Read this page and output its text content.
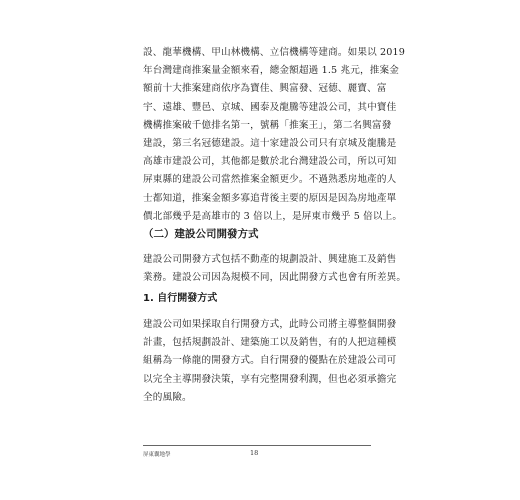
設、龍華機構、甲山林機構、立信機構等建商。如果以 2019
年台灣建商推案量金額來看，總金額超過 1.5 兆元，推案金
額前十大推案建商依序為寶佳、興富發、冠德、麗寶、富
宇、遠雄、豐邑、京城、國泰及龍騰等建設公司，其中寶佳
機構推案破千億排名第一，號稱「推案王」，第二名興富發
建設，第三名冠德建設。這十家建設公司只有京城及龍騰是
高雄市建設公司，其他都是數於北台灣建設公司，所以可知
屏東縣的建設公司當然推案金額更少。不過熟悉房地產的人
士都知道，推案金額多寡追背後主要的原因是因為房地產單
價北部幾乎是高雄市的 3 倍以上，是屏東市幾乎 5 倍以上。

（二）建設公司開發方式

建設公司開發方式包括不動產的規劃設計、興建施工及銷售
業務。建設公司因為規模不同，因此開發方式也會有所差異。

1. 自行開發方式

建設公司如果採取自行開發方式，此時公司將主導整個開發
計畫，包括規劃設計、建築施工以及銷售，有的人把這種模
組稱為一條龍的開發方式。自行開發的優點在於建設公司可
以完全主導開發決策，享有完整開發利潤，但也必須承擔完
全的風險。

屏東囊地學	18
